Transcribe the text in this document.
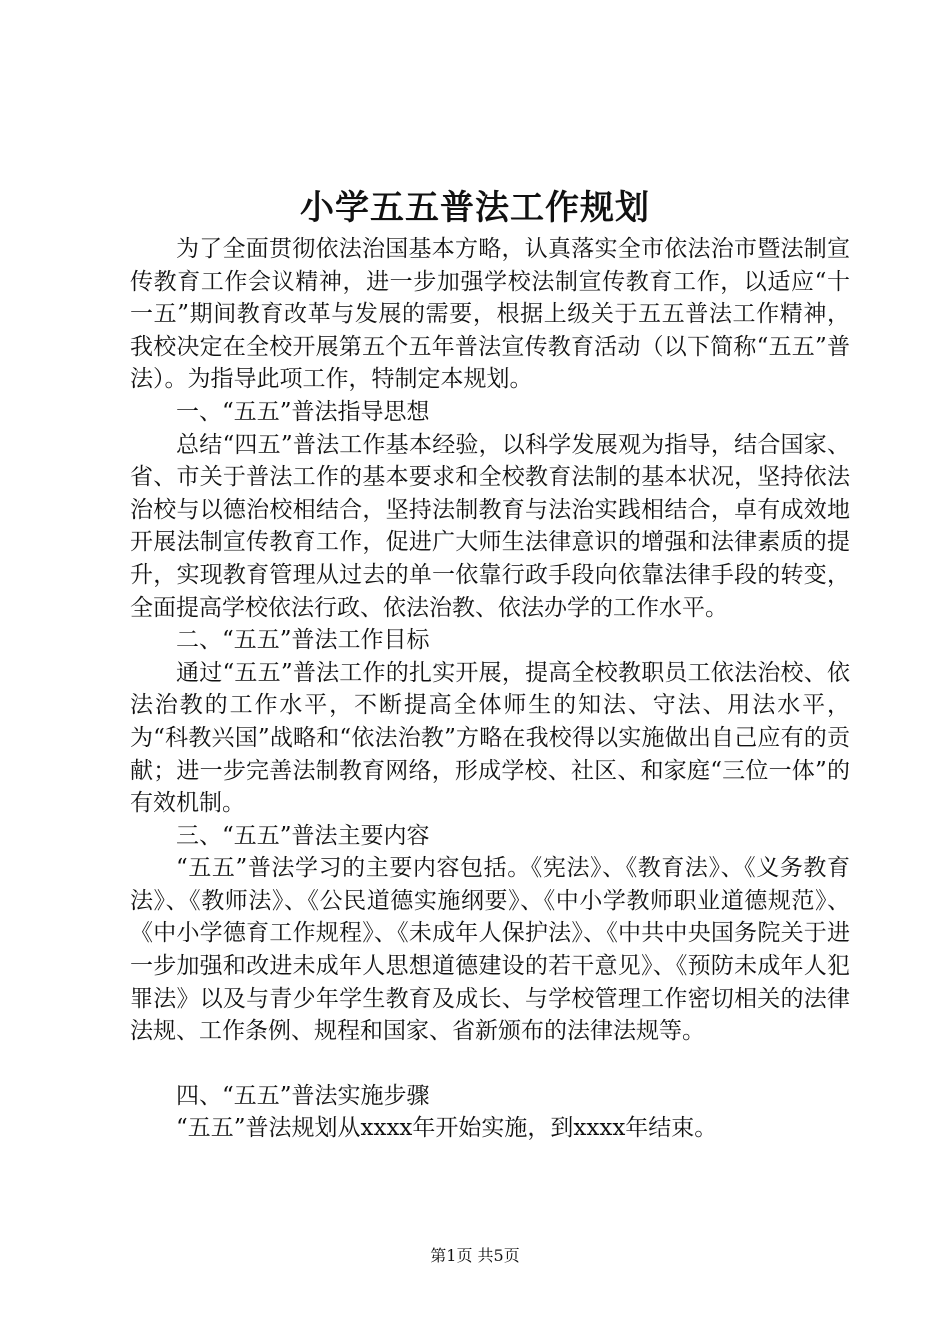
小学五五普法工作规划

为了全面贯彻依法治国基本方略，认真落实全市依法治市暨法制宣传教育工作会议精神，进一步加强学校法制宣传教育工作，以适应“十一五”期间教育改革与发展的需要，根据上级关于五五普法工作精神，我校决定在全校开展第五个五年普法宣传教育活动（以下简称“五五”普法）。为指导此项工作，特制定本规划。

一、“五五”普法指导思想

总结“四五”普法工作基本经验，以科学发展观为指导，结合国家、省、市关于普法工作的基本要求和全校教育法制的基本状况，坚持依法治校与以德治校相结合，坚持法制教育与法治实践相结合，卓有成效地开展法制宣传教育工作，促进广大师生法律意识的增强和法律素质的提升，实现教育管理从过去的单一依靠行政手段向依靠法律手段的转变，全面提高学校依法行政、依法治教、依法办学的工作水平。

二、“五五”普法工作目标

通过“五五”普法工作的扎实开展，提高全校教职员工依法治校、依法治教的工作水平，不断提高全体师生的知法、守法、用法水平，为“科教兴国”战略和“依法治教”方略在我校得以实施做出自己应有的贡献；进一步完善法制教育网络，形成学校、社区、和家庭“三位一体”的有效机制。

三、“五五”普法主要内容

“五五”普法学习的主要内容包括。《宪法》、《教育法》、《义务教育法》、《教师法》、《公民道德实施纲要》、《中小学教师职业道德规范》、《中小学德育工作规程》、《未成年人保护法》、《中共中央国务院关于进一步加强和改进未成年人思想道德建设的若干意见》、《预防未成年人犯罪法》以及与青少年学生教育及成长、与学校管理工作密切相关的法律法规、工作条例、规程和国家、省新颁布的法律法规等。

四、“五五”普法实施步骤

“五五”普法规划从xxxx年开始实施，到xxxx年结束。

第1页 共5页
